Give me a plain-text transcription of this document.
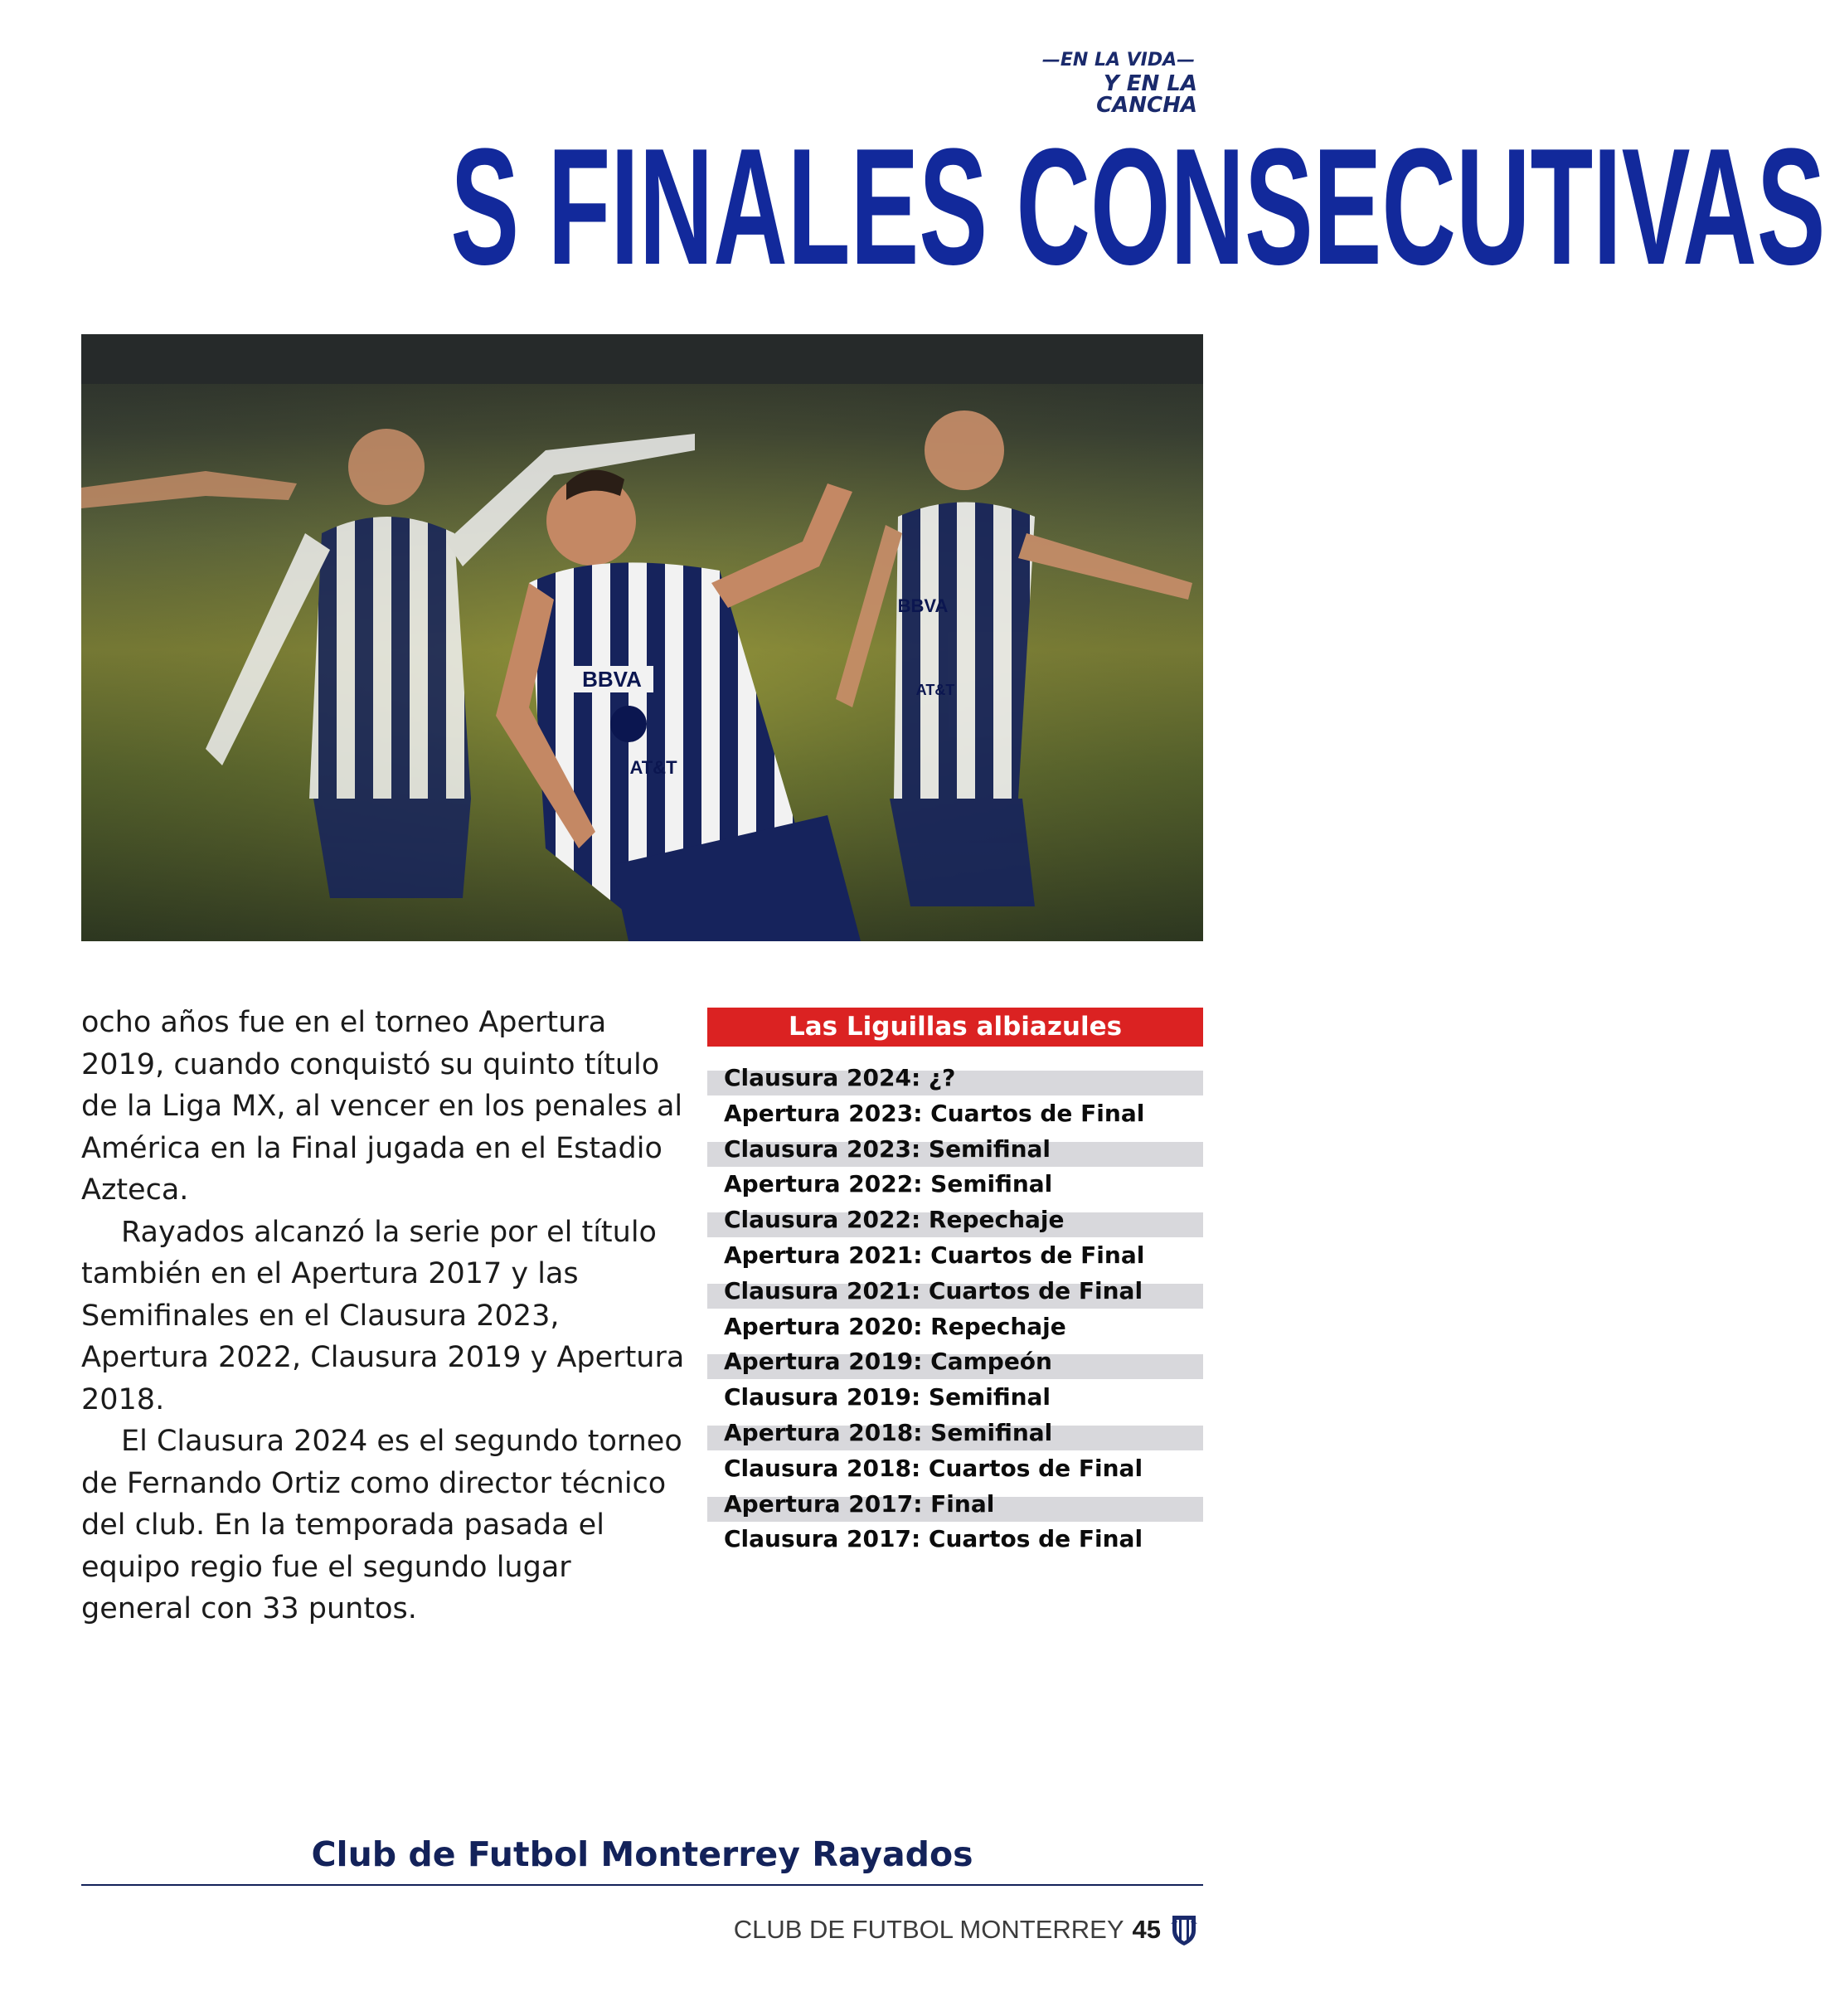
—EN LA VIDA—
Y EN LA CANCHA
S FINALES CONSECUTIVAS
BBVA
AT&T
BBVA
AT&T

ocho años fue en el torneo Apertura 2019, cuando conquistó su quinto título de la Liga MX, al vencer en los penales al América en la Final jugada en el Estadio Azteca.

Rayados alcanzó la serie por el título también en el Apertura 2017 y las Semifinales en el Clausura 2023, Apertura 2022, Clausura 2019 y Apertura 2018.

El Clausura 2024 es el segundo torneo de Fernando Ortiz como director técnico del club. En la temporada pasada el equipo regio fue el segundo lugar general con 33 puntos.

Las Liguillas albiazules
Clausura 2024: ¿?
Apertura 2023: Cuartos de Final
Clausura 2023: Semifinal
Apertura 2022: Semifinal
Clausura 2022: Repechaje
Apertura 2021: Cuartos de Final
Clausura 2021: Cuartos de Final
Apertura 2020: Repechaje
Apertura 2019: Campeón
Clausura 2019: Semifinal
Apertura 2018: Semifinal
Clausura 2018: Cuartos de Final
Apertura 2017: Final
Clausura 2017: Cuartos de Final
Club de Futbol Monterrey Rayados
CLUB DE FUTBOL MONTERREY 45
